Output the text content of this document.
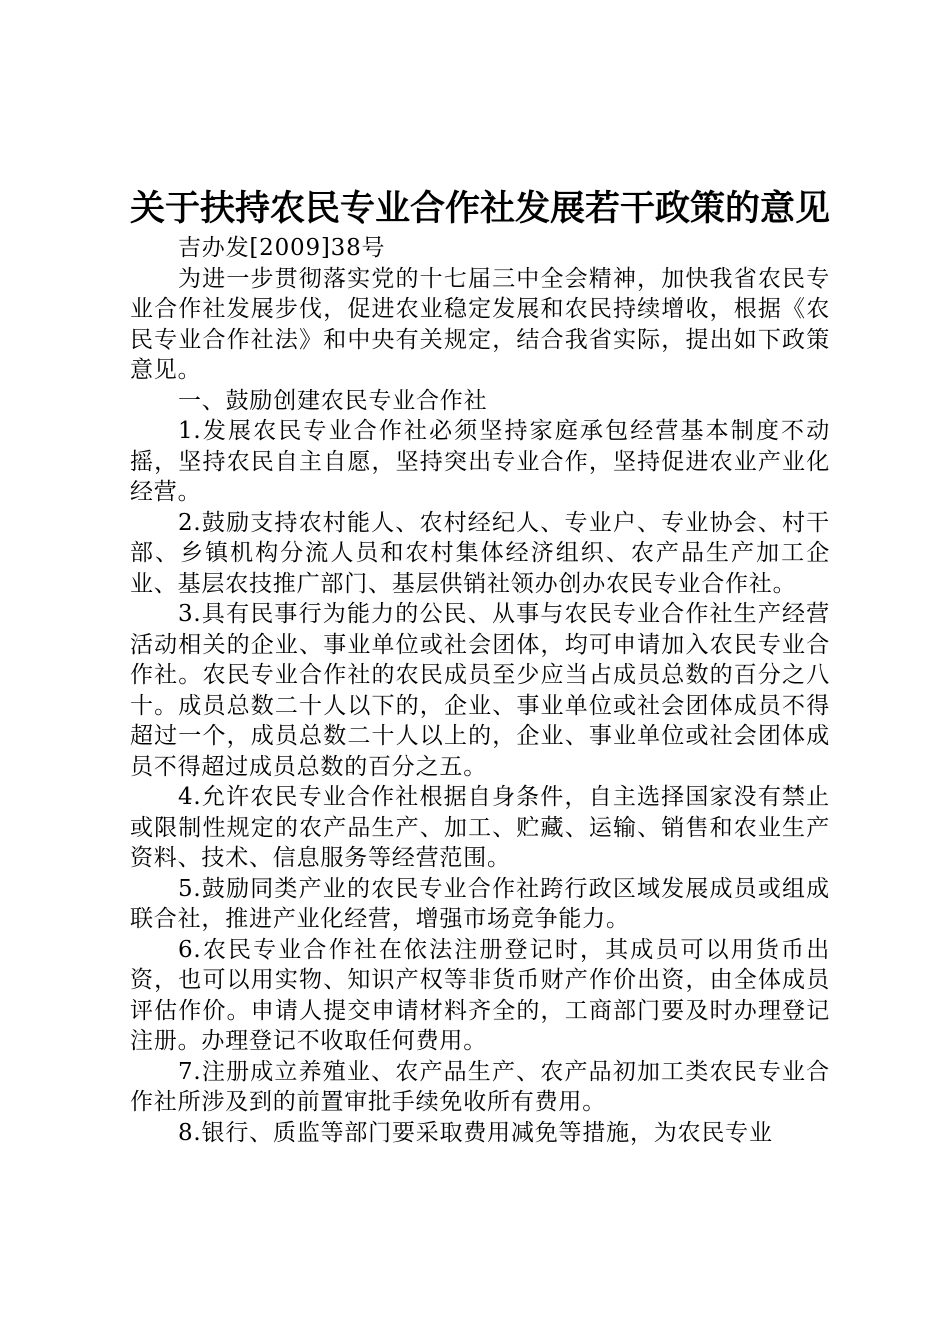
关于扶持农民专业合作社发展若干政策的意见

吉办发[2009]38号

为进一步贯彻落实党的十七届三中全会精神，加快我省农民专业合作社发展步伐，促进农业稳定发展和农民持续增收，根据《农民专业合作社法》和中央有关规定，结合我省实际，提出如下政策意见。

一、鼓励创建农民专业合作社

1.发展农民专业合作社必须坚持家庭承包经营基本制度不动摇，坚持农民自主自愿，坚持突出专业合作，坚持促进农业产业化经营。

2.鼓励支持农村能人、农村经纪人、专业户、专业协会、村干部、乡镇机构分流人员和农村集体经济组织、农产品生产加工企业、基层农技推广部门、基层供销社领办创办农民专业合作社。

3.具有民事行为能力的公民、从事与农民专业合作社生产经营活动相关的企业、事业单位或社会团体，均可申请加入农民专业合作社。农民专业合作社的农民成员至少应当占成员总数的百分之八十。成员总数二十人以下的，企业、事业单位或社会团体成员不得超过一个，成员总数二十人以上的，企业、事业单位或社会团体成员不得超过成员总数的百分之五。

4.允许农民专业合作社根据自身条件，自主选择国家没有禁止或限制性规定的农产品生产、加工、贮藏、运输、销售和农业生产资料、技术、信息服务等经营范围。

5.鼓励同类产业的农民专业合作社跨行政区域发展成员或组成联合社，推进产业化经营，增强市场竞争能力。

6.农民专业合作社在依法注册登记时，其成员可以用货币出资，也可以用实物、知识产权等非货币财产作价出资，由全体成员评估作价。申请人提交申请材料齐全的，工商部门要及时办理登记注册。办理登记不收取任何费用。

7.注册成立养殖业、农产品生产、农产品初加工类农民专业合作社所涉及到的前置审批手续免收所有费用。

8.银行、质监等部门要采取费用减免等措施，为农民专业
